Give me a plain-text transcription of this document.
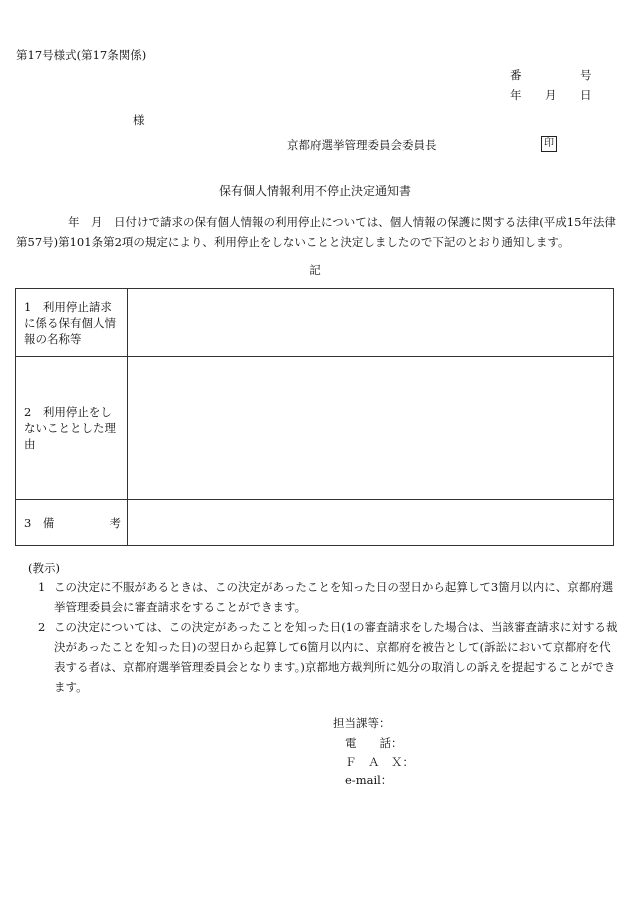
第17号様式(第17条関係)
番	号
年 月 日
様
京都府選挙管理委員会委員長	印
保有個人情報利用不停止決定通知書
年　月　日付けで請求の保有個人情報の利用停止については、個人情報の保護に関する法律(平成15年法律第57号)第101条第2項の規定により、利用停止をしないことと決定しましたので下記のとおり通知します。
記
1　利用停止請求に係る保有個人情報の名称等	
2　利用停止をしないこととした理由	

3　備 考	

(教示)
1 この決定に不服があるときは、この決定があったことを知った日の翌日から起算して3箇月以内に、京都府選挙管理委員会に審査請求をすることができます。
2 この決定については、この決定があったことを知った日(1の審査請求をした場合は、当該審査請求に対する裁決があったことを知った日)の翌日から起算して6箇月以内に、京都府を被告として(訴訟において京都府を代表する者は、京都府選挙管理委員会となります。)京都地方裁判所に処分の取消しの訴えを提起することができます。
担当課等：
電　　話：
Ｆ　Ａ　Ｘ：
e-mail：
